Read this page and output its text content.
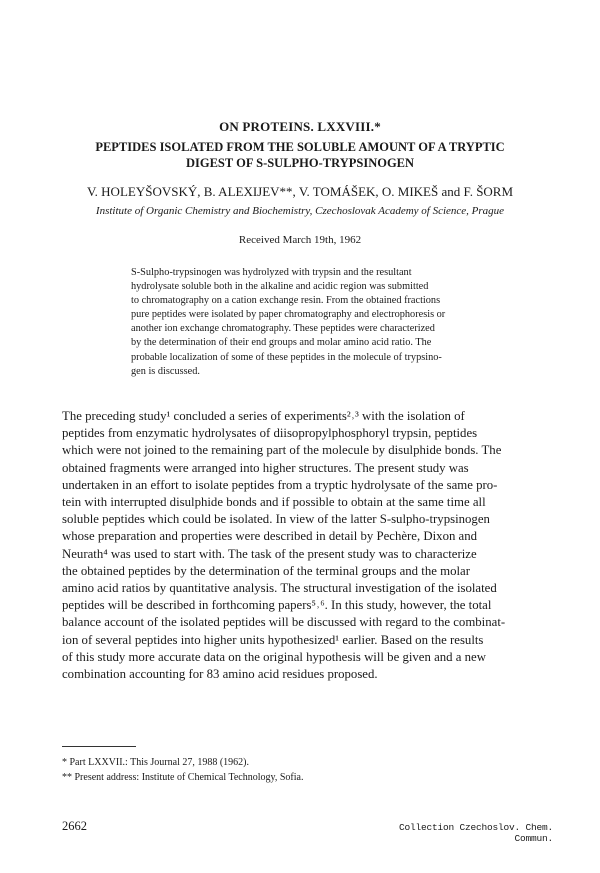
ON PROTEINS. LXXVIII.*
PEPTIDES ISOLATED FROM THE SOLUBLE AMOUNT OF A TRYPTIC
DIGEST OF S-SULPHO-TRYPSINOGEN
V. HOLEYŠOVSKÝ, B. ALEXIJEV**, V. TOMÁŠEK, O. MIKEŠ and F. ŠORM
Institute of Organic Chemistry and Biochemistry, Czechoslovak Academy of Science, Prague
Received March 19th, 1962
S-Sulpho-trypsinogen was hydrolyzed with trypsin and the resultant
hydrolysate soluble both in the alkaline and acidic region was submitted
to chromatography on a cation exchange resin. From the obtained fractions
pure peptides were isolated by paper chromatography and electrophoresis or
another ion exchange chromatography. These peptides were characterized
by the determination of their end groups and molar amino acid ratio. The
probable localization of some of these peptides in the molecule of trypsino-
gen is discussed.
The preceding study¹ concluded a series of experiments²˒³ with the isolation of
peptides from enzymatic hydrolysates of diisopropylphosphoryl trypsin, peptides
which were not joined to the remaining part of the molecule by disulphide bonds. The
obtained fragments were arranged into higher structures. The present study was
undertaken in an effort to isolate peptides from a tryptic hydrolysate of the same pro-
tein with interrupted disulphide bonds and if possible to obtain at the same time all
soluble peptides which could be isolated. In view of the latter S-sulpho-trypsinogen
whose preparation and properties were described in detail by Pechère, Dixon and
Neurath⁴ was used to start with. The task of the present study was to characterize
the obtained peptides by the determination of the terminal groups and the molar
amino acid ratios by quantitative analysis. The structural investigation of the isolated
peptides will be described in forthcoming papers⁵˒⁶. In this study, however, the total
balance account of the isolated peptides will be discussed with regard to the combinat-
ion of several peptides into higher units hypothesized¹ earlier. Based on the results
of this study more accurate data on the original hypothesis will be given and a new
combination accounting for 83 amino acid residues proposed.
* Part LXXVII.: This Journal 27, 1988 (1962).
** Present address: Institute of Chemical Technology, Sofia.
2662	Collection Czechoslov. Chem. Commun.
